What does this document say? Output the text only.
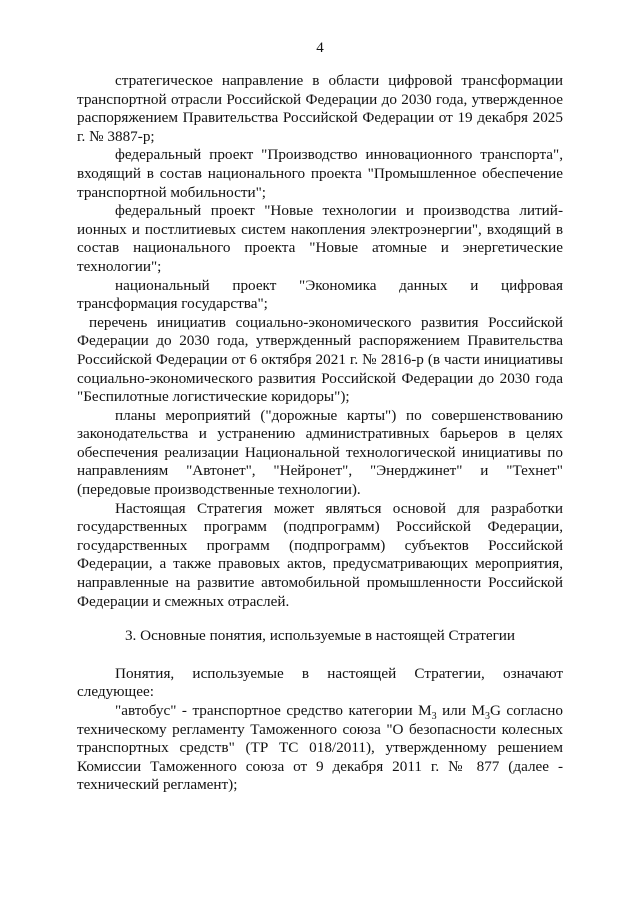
4

стратегическое направление в области цифровой трансформации транспортной отрасли Российской Федерации до 2030 года, утвержденное распоряжением Правительства Российской Федерации от 19 декабря 2025 г. № 3887-р;

федеральный проект "Производство инновационного транспорта", входящий в состав национального проекта "Промышленное обеспечение транспортной мобильности";

федеральный проект "Новые технологии и производства литий-ионных и постлитиевых систем накопления электроэнергии", входящий в состав национального проекта "Новые атомные и энергетические технологии";

национальный проект "Экономика данных и цифровая трансформация государства";

перечень инициатив социально-экономического развития Российской Федерации до 2030 года, утвержденный распоряжением Правительства Российской Федерации от 6 октября 2021 г. № 2816-р (в части инициативы социально-экономического развития Российской Федерации до 2030 года "Беспилотные логистические коридоры");

планы мероприятий ("дорожные карты") по совершенствованию законодательства и устранению административных барьеров в целях обеспечения реализации Национальной технологической инициативы по направлениям "Автонет", "Нейронет", "Энерджинет" и "Технет" (передовые производственные технологии).

Настоящая Стратегия может являться основой для разработки государственных программ (подпрограмм) Российской Федерации, государственных программ (подпрограмм) субъектов Российской Федерации, а также правовых актов, предусматривающих мероприятия, направленные на развитие автомобильной промышленности Российской Федерации и смежных отраслей.

3. Основные понятия, используемые в настоящей Стратегии

Понятия, используемые в настоящей Стратегии, означают следующее:

"автобус" - транспортное средство категории $M_3$ или $M_3G$ согласно техническому регламенту Таможенного союза "О безопасности колесных транспортных средств" (ТР ТС 018/2011), утвержденному решением Комиссии Таможенного союза от 9 декабря 2011 г. № 877 (далее - технический регламент);
